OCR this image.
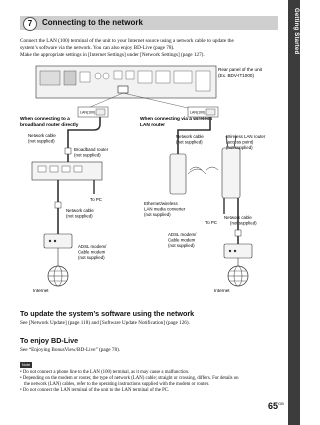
Getting Started
7	Connecting to the network
Connect the LAN (100) terminal of the unit to your Internet source using a network cable to update the
system’s software via the network. You can also enjoy BD-Live (page 78).
Make the appropriate settings in [Internet Settings] under [Network Settings] (page 127).
Rear panel of the unit
(Ex. BDV-IT1000)
When connecting to a
broadband router directly
When connecting via a wireless
LAN router
LAN(100)	LAN(100)
Network cable
(not supplied)
Broadband router
(not supplied)
To PC
Network cable
(not supplied)
ADSL modem/
Cable modem
(not supplied)
Internet
Network cable
(not supplied)
Ethernet/wireless
LAN media converter
(not supplied)
Wireless LAN router
(access point)
(not supplied)
To PC
Network cable
(not supplied)
ADSL modem/
Cable modem
(not supplied)
Internet
To update the system’s software using the network
See [Network Update] (page 118) and [Software Update Notification] (page 126).
To enjoy BD-Live
See “Enjoying BonusView/BD-Live” (page 78).
Note
• Do not connect a phone line to the LAN (100) terminal, as it may cause a malfunction.
• Depending on the modem or router, the type of network (LAN) cable; straight or crossing, differs. For details on
the network (LAN) cables, refer to the operating instructions supplied with the modem or router.
• Do not connect the LAN terminal of the unit to the LAN terminal of the PC.
$65^{GB}$
